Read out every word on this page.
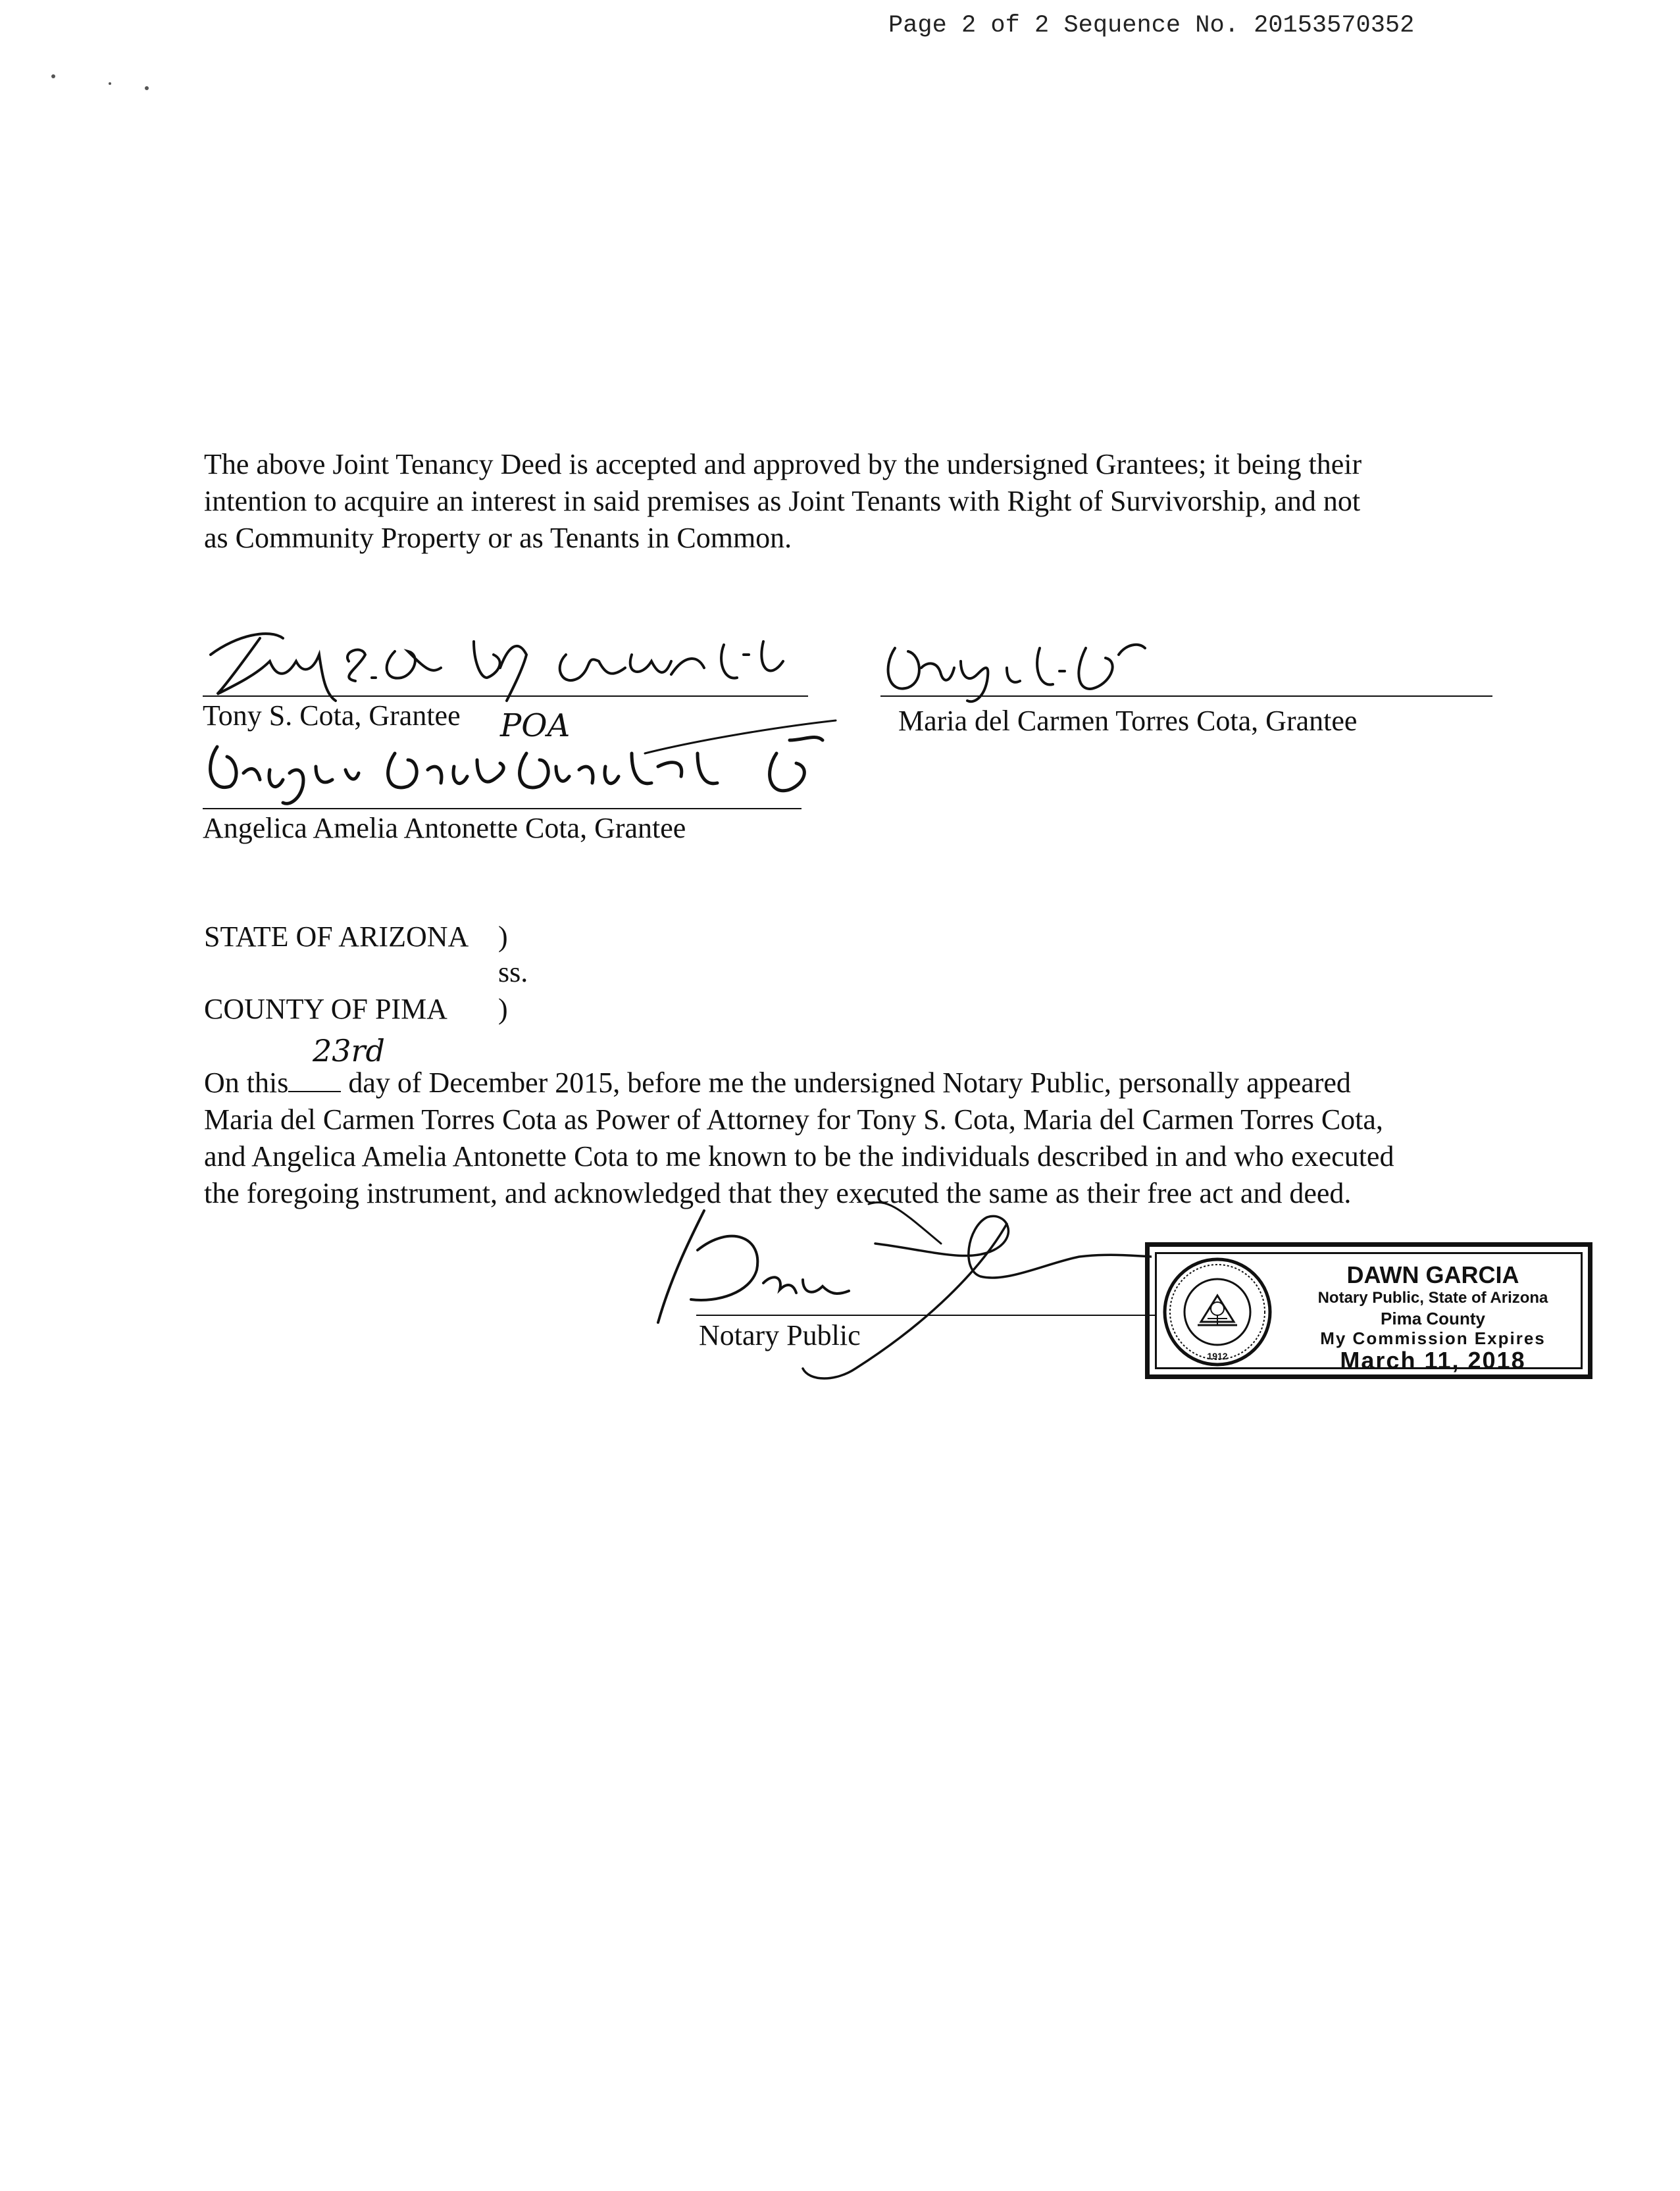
Page 2 of 2 Sequence No. 20153570352
The above Joint Tenancy Deed is accepted and approved by the undersigned Grantees; it being their
intention to acquire an interest in said premises as Joint Tenants with Right of Survivorship, and not
as Community Property or as Tenants in Common.
Tony S. Cota, Grantee	Maria del Carmen Torres Cota, Grantee
POA
Angelica Amelia Antonette Cota, Grantee
STATE OF ARIZONA )
ss.
COUNTY OF PIMA )
On this day of December 2015, before me the undersigned Notary Public, personally appeared
23rd
Maria del Carmen Torres Cota as Power of Attorney for Tony S. Cota, Maria del Carmen Torres Cota,
and Angelica Amelia Antonette Cota to me known to be the individuals described in and who executed
the foregoing instrument, and acknowledged that they executed the same as their free act and deed.
Notary Public
1912
DAWN GARCIA
Notary Public, State of Arizona
Pima County
My Commission Expires
March 11, 2018
